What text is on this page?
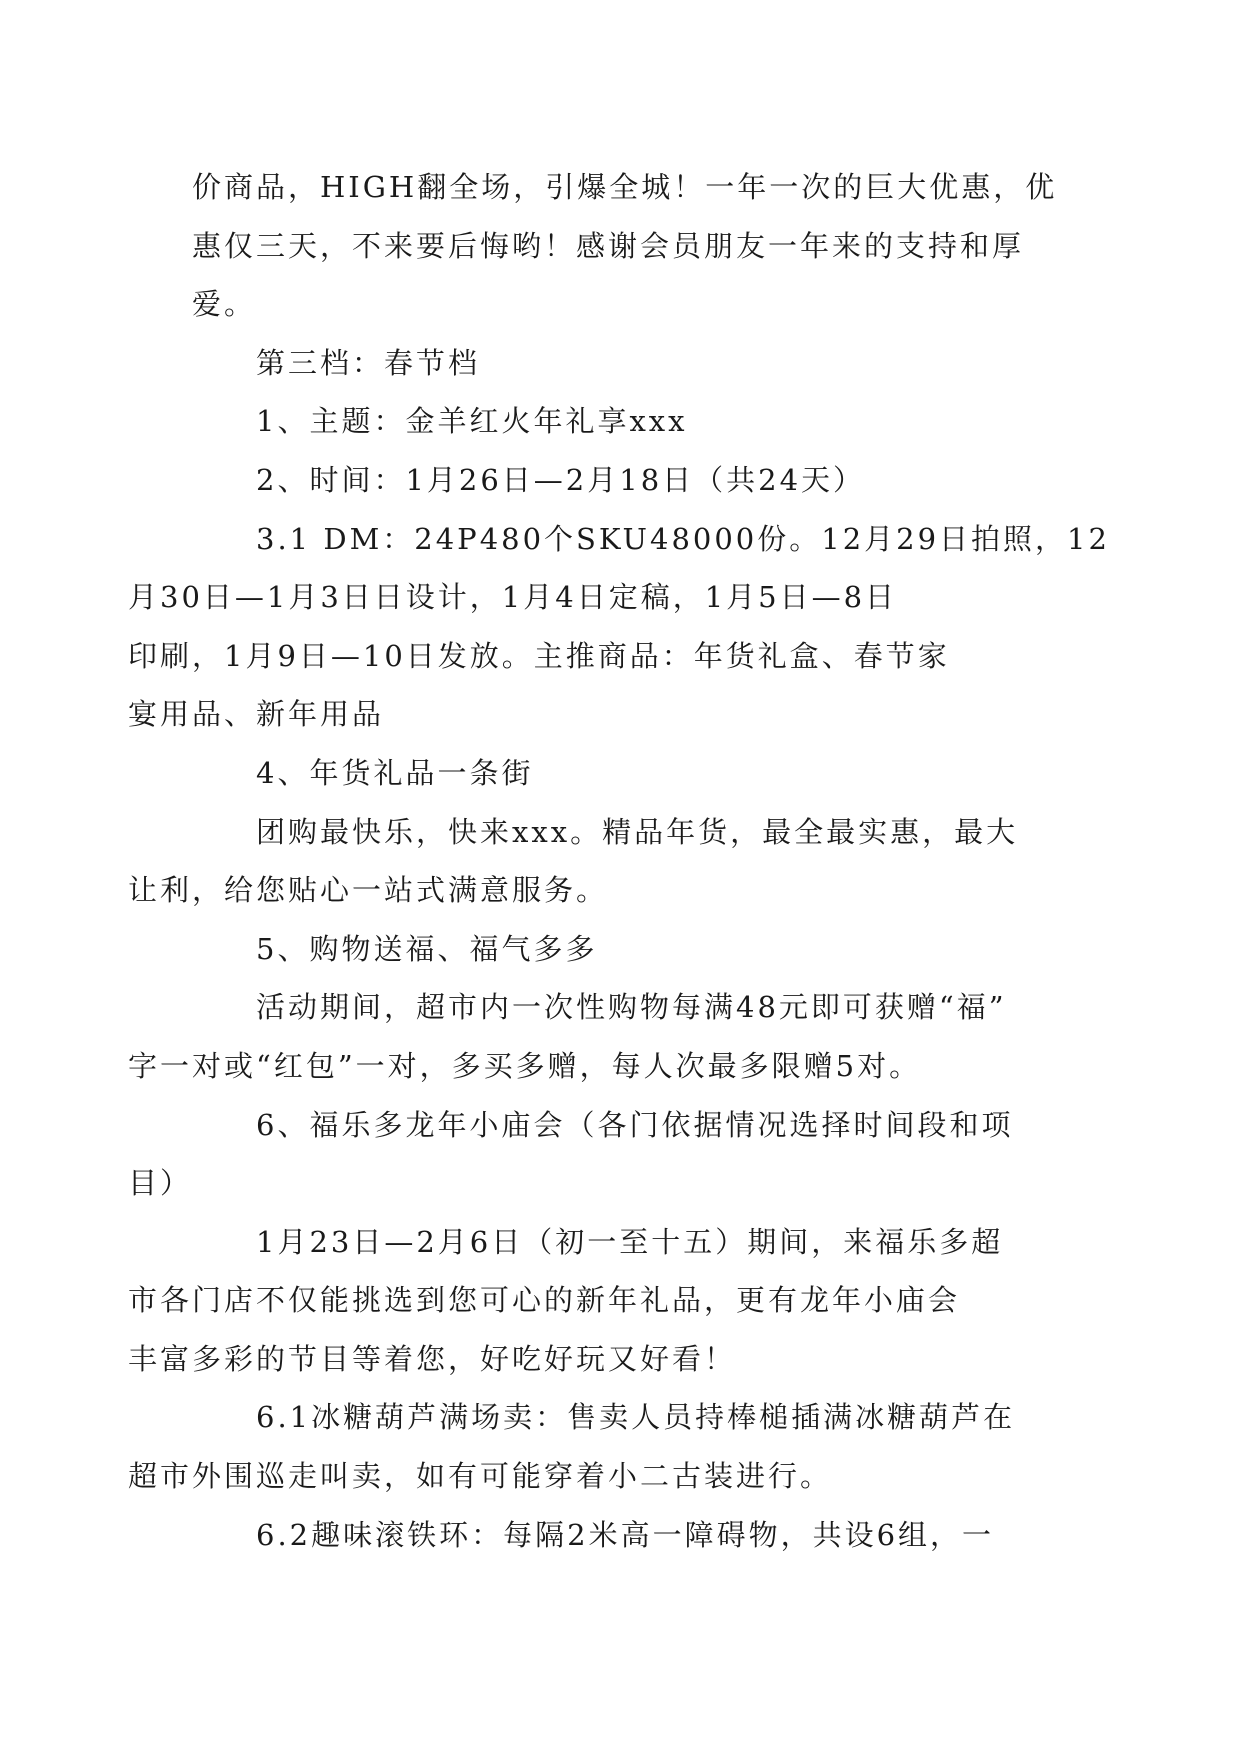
价商品，HIGH翻全场，引爆全城！一年一次的巨大优惠，优
惠仅三天，不来要后悔哟！感谢会员朋友一年来的支持和厚
爱。

第三档：春节档

1、主题：金羊红火年礼享xxx

2、时间：1月26日—2月18日（共24天）

3.1 DM：24P480个SKU48000份。12月29日拍照，12
月30日—1月3日日设计，1月4日定稿，1月5日—8日
印刷，1月9日—10日发放。主推商品：年货礼盒、春节家
宴用品、新年用品

4、年货礼品一条街

团购最快乐，快来xxx。精品年货，最全最实惠，最大
让利，给您贴心一站式满意服务。

5、购物送福、福气多多

活动期间，超市内一次性购物每满48元即可获赠“福”
字一对或“红包”一对，多买多赠，每人次最多限赠5对。

6、福乐多龙年小庙会（各门依据情况选择时间段和项
目）

1月23日—2月6日（初一至十五）期间，来福乐多超
市各门店不仅能挑选到您可心的新年礼品，更有龙年小庙会
丰富多彩的节目等着您，好吃好玩又好看！

6.1冰糖葫芦满场卖：售卖人员持棒槌插满冰糖葫芦在
超市外围巡走叫卖，如有可能穿着小二古装进行。

6.2趣味滚铁环：每隔2米高一障碍物，共设6组，一
